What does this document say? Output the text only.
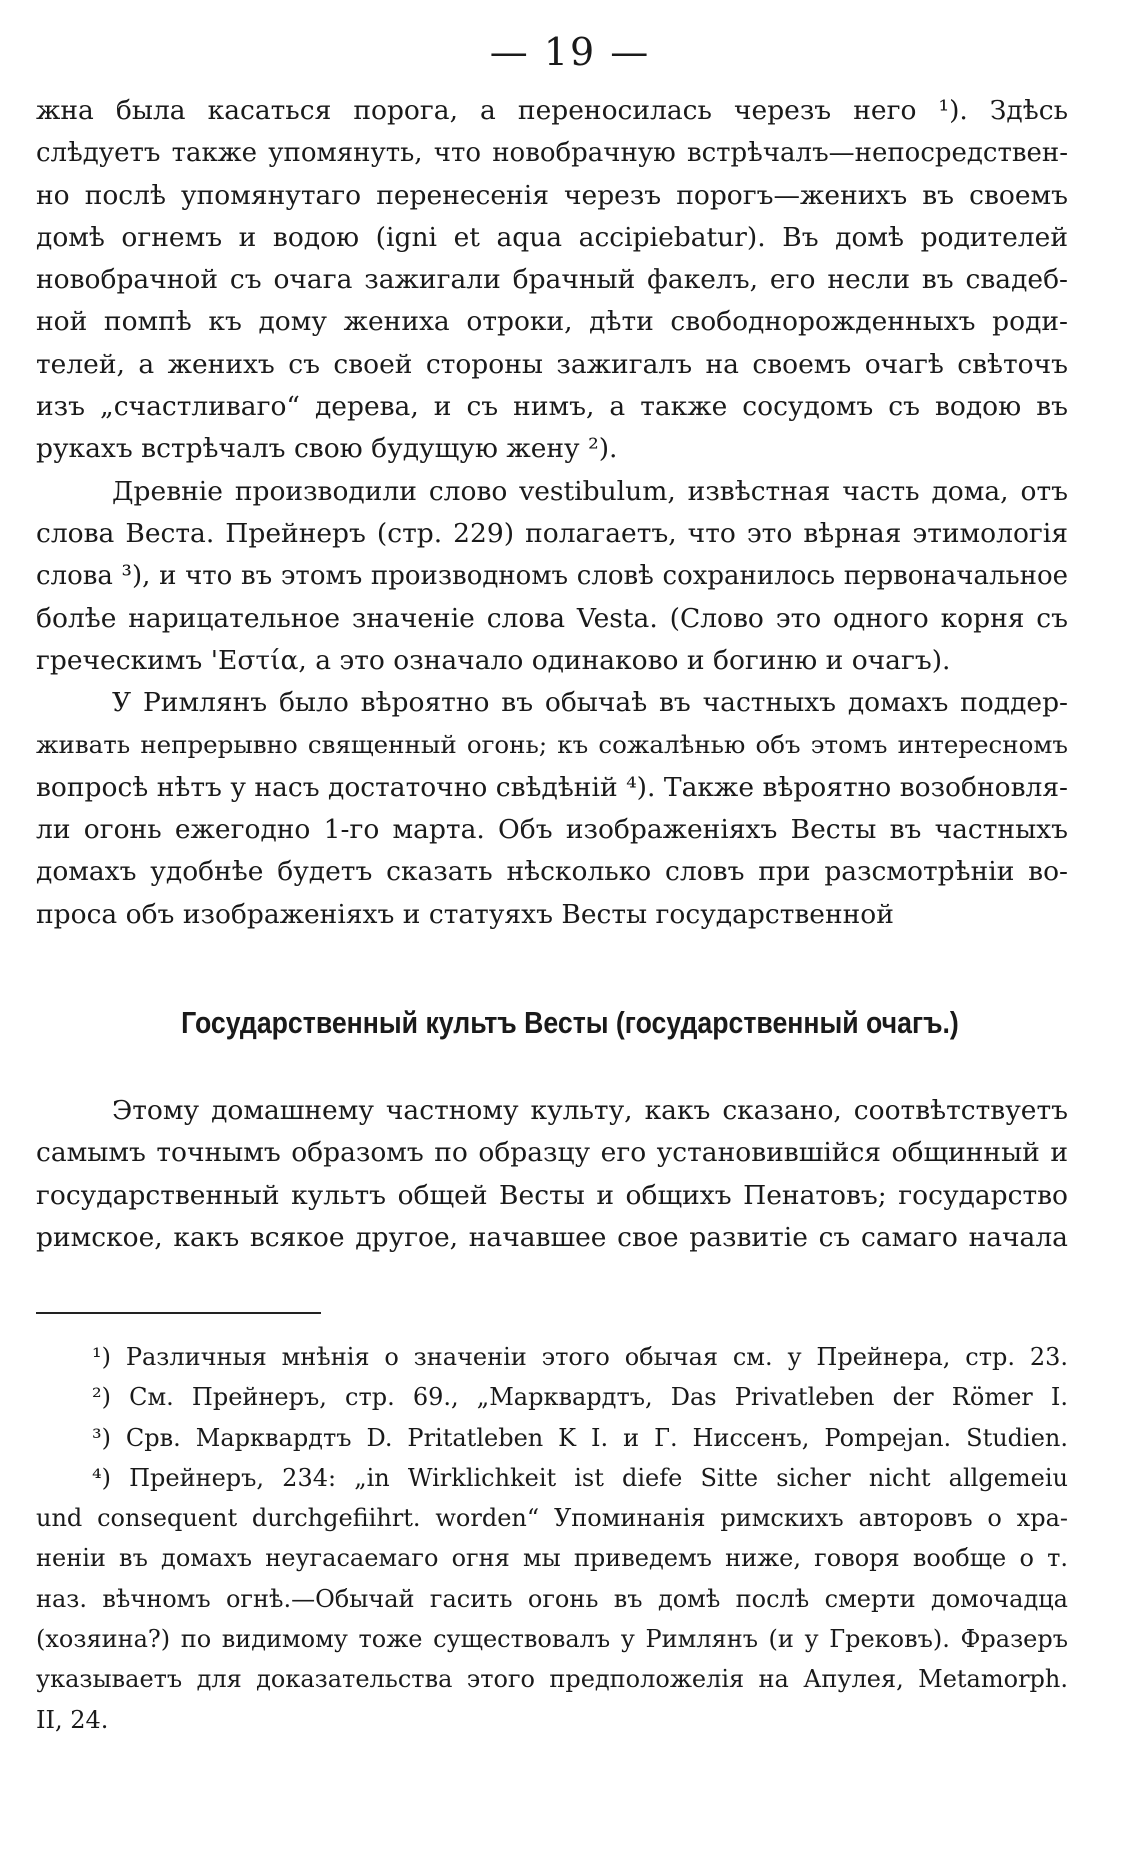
— 19 —
жна была касаться порога, а переносилась черезъ него ¹). Здѣсь
слѣдуетъ также упомянуть, что новобрачную встрѣчалъ—непосредствен-
но послѣ упомянутаго перенесенія черезъ порогъ—женихъ въ своемъ
домѣ огнемъ и водою (igni et aqua accipiebatur). Въ домѣ родителей
новобрачной съ очага зажигали брачный факелъ, его несли въ свадеб-
ной помпѣ къ дому жениха отроки, дѣти свободнорожденныхъ роди-
телей, а женихъ съ своей стороны зажигалъ на своемъ очагѣ свѣточъ
изъ „счастливаго“ дерева, и съ нимъ, а также сосудомъ съ водою въ
рукахъ встрѣчалъ свою будущую жену ²).
Древніе производили слово vestibulum, извѣстная часть дома, отъ
слова Веста. Прейнеръ (стр. 229) полагаетъ, что это вѣрная этимологія
слова ³), и что въ этомъ производномъ словѣ сохранилось первоначальное
болѣе нарицательное значеніе слова Vesta. (Слово это одного корня съ
греческимъ 'Εστία, а это означало одинаково и богиню и очагъ).
У Римлянъ было вѣроятно въ обычаѣ въ частныхъ домахъ поддер-
живать непрерывно священный огонь; къ сожалѣнью объ этомъ интересномъ
вопросѣ нѣтъ у насъ достаточно свѣдѣній ⁴). Также вѣроятно возобновля-
ли огонь ежегодно 1-го марта. Объ изображеніяхъ Весты въ частныхъ
домахъ удобнѣе будетъ сказать нѣсколько словъ при разсмотрѣніи во-
проса объ изображеніяхъ и статуяхъ Весты государственной
Государственный культъ Весты (государственный очагъ.)
Этому домашнему частному культу, какъ сказано, соотвѣтствуетъ
самымъ точнымъ образомъ по образцу его установившійся общинный и
государственный культъ общей Весты и общихъ Пенатовъ; государство
римское, какъ всякое другое, начавшее свое развитіе съ самаго начала
¹) Различныя мнѣнія о значеніи этого обычая см. у Прейнера, стр. 23.
²) См. Прейнеръ, стр. 69., „Марквардтъ, Das Privatleben der Römer I.
³) Срв. Марквардтъ D. Pritatleben K I. и Г. Ниссенъ, Pompejan. Studien.
⁴) Прейнеръ, 234: „in Wirklichkeit ist diefe Sitte sicher nicht allgemeiu
und consequent durchgefiihrt. worden“ Упоминанія римскихъ авторовъ о хра-
неніи въ домахъ неугасаемаго огня мы приведемъ ниже, говоря вообще о т.
наз. вѣчномъ огнѣ.—Обычай гасить огонь въ домѣ послѣ смерти домочадца
(хозяина?) по видимому тоже существовалъ у Римлянъ (и у Грековъ). Фразеръ
указываетъ для доказательства этого предположелія на Апулея, Metamorph.
II, 24.
